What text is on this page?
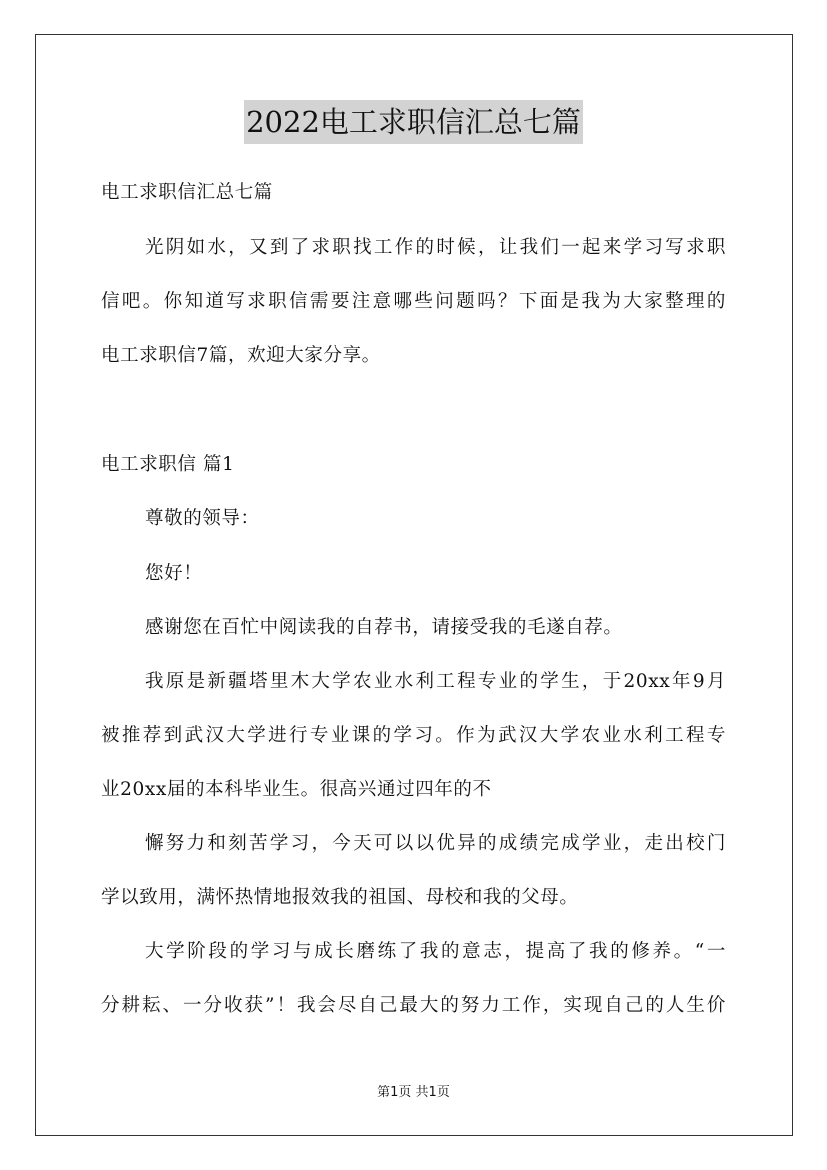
2022电工求职信汇总七篇
电工求职信汇总七篇
光阴如水，又到了求职找工作的时候，让我们一起来学习写求职
信吧。你知道写求职信需要注意哪些问题吗？下面是我为大家整理的
电工求职信7篇，欢迎大家分享。
电工求职信 篇1
尊敬的领导：
您好！
感谢您在百忙中阅读我的自荐书，请接受我的毛遂自荐。
我原是新疆塔里木大学农业水利工程专业的学生，于20xx年9月
被推荐到武汉大学进行专业课的学习。作为武汉大学农业水利工程专
业20xx届的本科毕业生。很高兴通过四年的不
懈努力和刻苦学习，今天可以以优异的成绩完成学业，走出校门
学以致用，满怀热情地报效我的祖国、母校和我的父母。
大学阶段的学习与成长磨练了我的意志，提高了我的修养。“一
分耕耘、一分收获”！我会尽自己最大的努力工作，实现自己的人生价
第1页 共1页
